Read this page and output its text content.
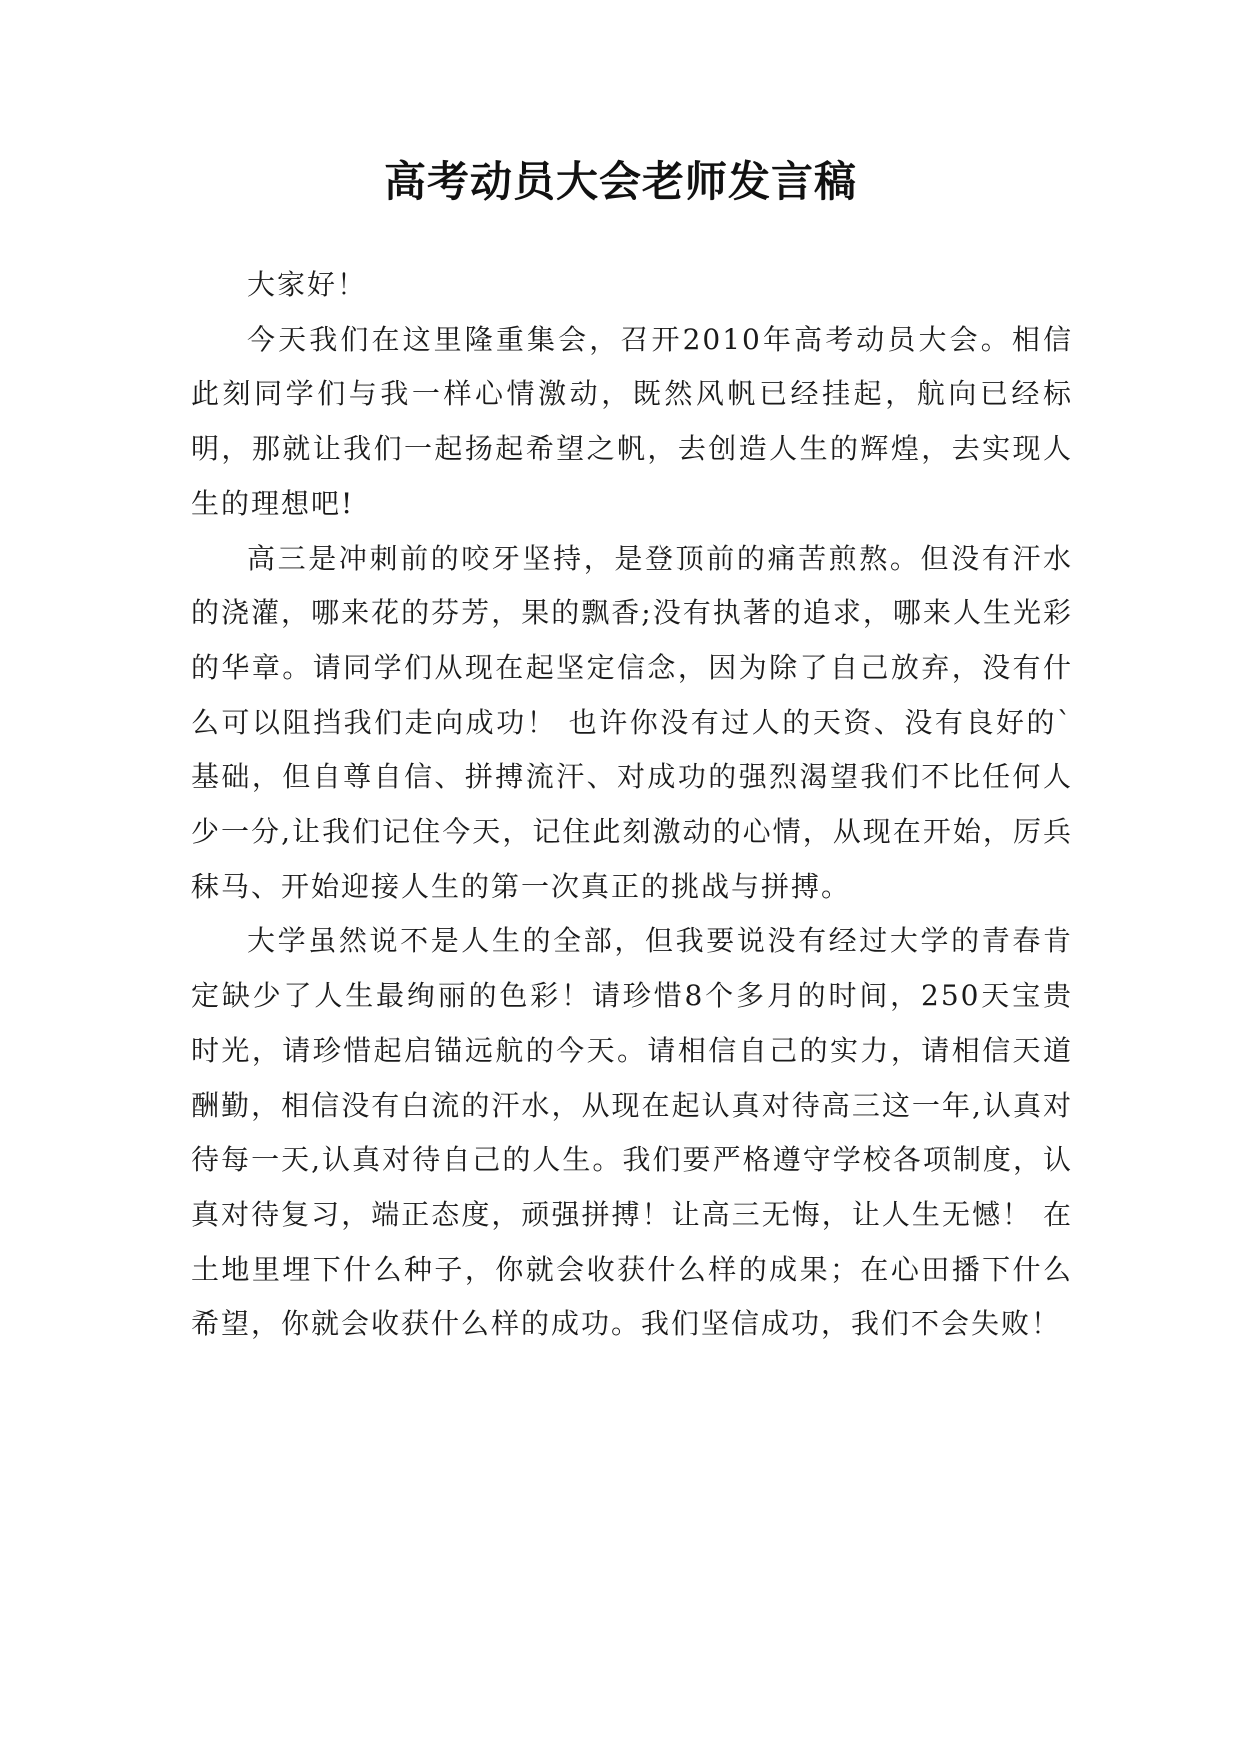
高考动员大会老师发言稿

大家好！

今天我们在这里隆重集会，召开2010年高考动员大会。相信此刻同学们与我一样心情激动，既然风帆已经挂起，航向已经标明，那就让我们一起扬起希望之帆，去创造人生的辉煌，去实现人生的理想吧!

高三是冲刺前的咬牙坚持，是登顶前的痛苦煎熬。但没有汗水的浇灌，哪来花的芬芳，果的飘香;没有执著的追求，哪来人生光彩的华章。请同学们从现在起坚定信念，因为除了自己放弃，没有什么可以阻挡我们走向成功！ 也许你没有过人的天资、没有良好的`基础，但自尊自信、拼搏流汗、对成功的强烈渴望我们不比任何人少一分,让我们记住今天，记住此刻激动的心情，从现在开始，厉兵秣马、开始迎接人生的第一次真正的挑战与拼搏。

大学虽然说不是人生的全部，但我要说没有经过大学的青春肯定缺少了人生最绚丽的色彩！请珍惜8个多月的时间，250天宝贵时光，请珍惜起启锚远航的今天。请相信自己的实力，请相信天道酬勤，相信没有白流的汗水，从现在起认真对待高三这一年,认真对待每一天,认真对待自己的人生。我们要严格遵守学校各项制度，认真对待复习，端正态度，顽强拼搏！让高三无悔，让人生无憾！ 在土地里埋下什么种子，你就会收获什么样的成果；在心田播下什么希望，你就会收获什么样的成功。我们坚信成功，我们不会失败！
